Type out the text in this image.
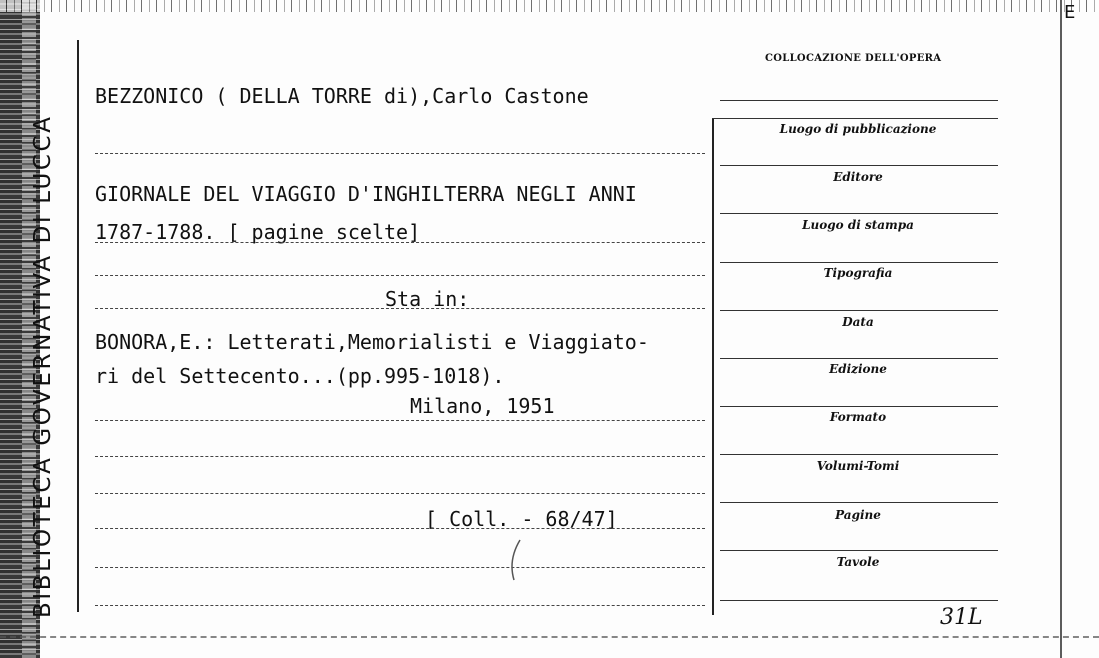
E
BIBLIOTECA GOVERNATIVA DI LUCCA
BEZZONICO ( DELLA TORRE di),Carlo Castone
GIORNALE DEL VIAGGIO D'INGHILTERRA NEGLI ANNI
1787-1788. [ pagine scelte]
Sta in:
BONORA,E.: Letterati,Memorialisti e Viaggiato-
ri del Settecento...(pp.995-1018).
Milano, 1951
[ Coll. - 68/47]
COLLOCAZIONE DELL'OPERA
Luogo di pubblicazione
Editore
Luogo di stampa
Tipografia
Data
Edizione
Formato
Volumi-Tomi
Pagine
Tavole
31L
